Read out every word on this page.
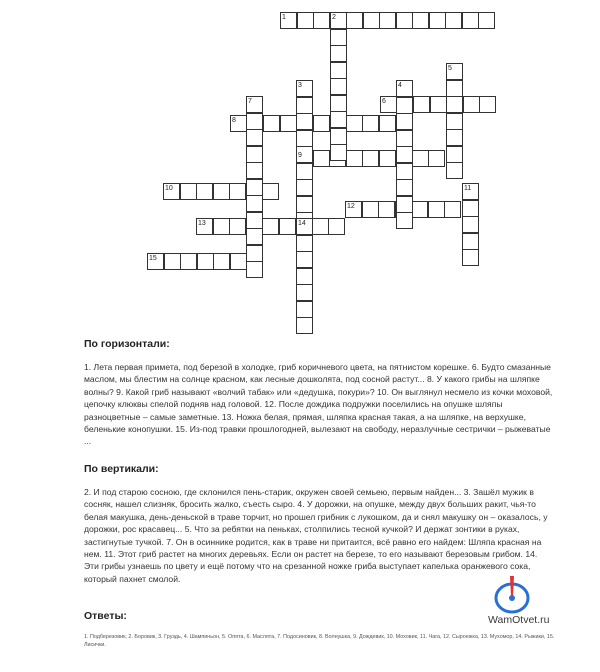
1	2
3	4
5
6
7
8
9
10	11
12
13	14
15
По горизонтали:

1. Лета первая примета, под березой в холодке, гриб коричневого цвета, на пятнистом корешке. 6. Будто смазанные маслом, мы блестим на солнце красном, как лесные дошколята, под сосной растут... 8. У какого грибы на шляпке волны? 9. Какой гриб называют «волчий табак» или «дедушка, покури»? 10. Он выглянул несмело из кочки моховой, цепочку клюквы спелой подняв над головой. 12. После дождика подружки поселились на опушке шляпы разноцветные – самые заметные. 13. Ножка белая, прямая, шляпка красная такая, а на шляпке, на верхушке, беленькие конопушки. 15. Из-под травки прошлогодней, вылезают на свободу, неразлучные сестрички – рыжеватые ...

По вертикали:

2. И под старою сосною, где склонился пень-старик, окружен своей семьею, первым найден... 3. Зашёл мужик в сосняк, нашел слизняк, бросить жалко, съесть сыро. 4. У дорожки, на опушке, между двух больших ракит, чья-то белая макушка, день-деньской в траве торчит, но прошел грибник с лукошком, да и снял макушку он – оказалось, у дорожки, рос красавец... 5. Что за ребятки на пеньках, столпились тесной кучкой? И держат зонтики в руках, застигнутые тучкой. 7. Он в осиннике родится, как в траве ни притаится, всё равно его найдем: Шляпа красная на нем. 11. Этот гриб растет на многих деревьях. Если он растет на березе, то его называют березовым грибом. 14. Эти грибы узнаешь по цвету и ещё потому что на срезанной ножке гриба выступает капелька оранжевого сока, который пахнет смолой.

Ответы:

1. Подберезовик, 2. Боровик, 3. Груздь, 4. Шампиньон, 5. Опята, 6. Маслята, 7. Подосиновик, 8. Волнушка, 9. Дождевик, 10. Моховик, 11. Чага, 12. Сыроежка, 13. Мухомор, 14. Рыжики, 15. Лисички.

WamOtvet.ru
